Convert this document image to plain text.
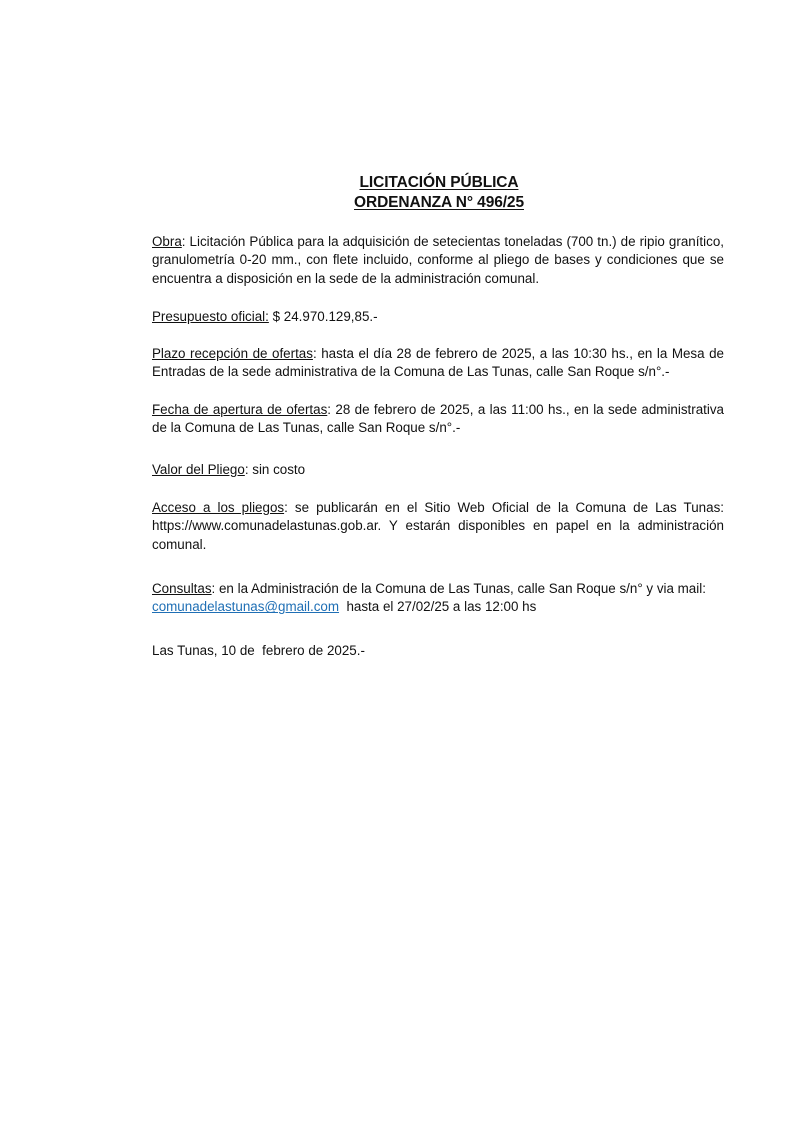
LICITACIÓN PÚBLICA
ORDENANZA N° 496/25
Obra: Licitación Pública para la adquisición de setecientas toneladas (700 tn.) de ripio granítico, granulometría 0-20 mm., con flete incluido, conforme al pliego de bases y condiciones que se encuentra a disposición en la sede de la administración comunal.
Presupuesto oficial: $ 24.970.129,85.-
Plazo recepción de ofertas: hasta el día 28 de febrero de 2025, a las 10:30 hs., en la Mesa de Entradas de la sede administrativa de la Comuna de Las Tunas, calle San Roque s/n°.-
Fecha de apertura de ofertas: 28 de febrero de 2025, a las 11:00 hs., en la sede administrativa de la Comuna de Las Tunas, calle San Roque s/n°.-
Valor del Pliego: sin costo
Acceso a los pliegos: se publicarán en el Sitio Web Oficial de la Comuna de Las Tunas: https://www.comunadelastunas.gob.ar. Y estarán disponibles en papel en la administración comunal.
Consultas: en la Administración de la Comuna de Las Tunas, calle San Roque s/n° y via mail:
comunadelastunas@gmail.com  hasta el 27/02/25 a las 12:00 hs
Las Tunas, 10 de  febrero de 2025.-
